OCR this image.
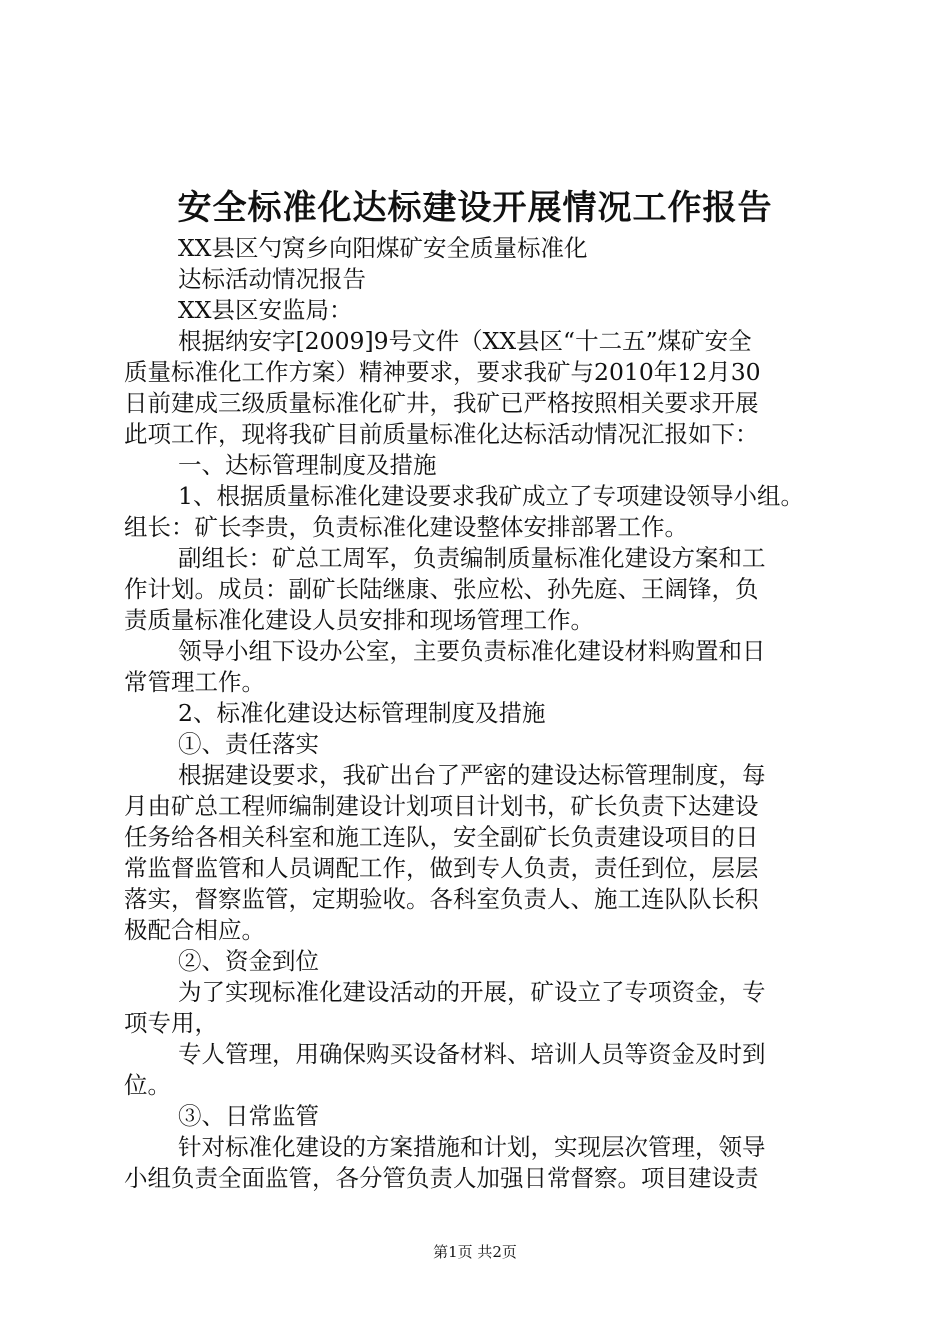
安全标准化达标建设开展情况工作报告
XX县区勺窝乡向阳煤矿安全质量标准化
达标活动情况报告
XX县区安监局：
根据纳安字[2009]9号文件（XX县区“十二五”煤矿安全
质量标准化工作方案）精神要求，要求我矿与2010年12月30
日前建成三级质量标准化矿井，我矿已严格按照相关要求开展
此项工作，现将我矿目前质量标准化达标活动情况汇报如下：
一、达标管理制度及措施
1、根据质量标准化建设要求我矿成立了专项建设领导小组。
组长：矿长李贵，负责标准化建设整体安排部署工作。
副组长：矿总工周军，负责编制质量标准化建设方案和工
作计划。成员：副矿长陆继康、张应松、孙先庭、王阔锋，负
责质量标准化建设人员安排和现场管理工作。
领导小组下设办公室，主要负责标准化建设材料购置和日
常管理工作。
2、标准化建设达标管理制度及措施
①、责任落实
根据建设要求，我矿出台了严密的建设达标管理制度，每
月由矿总工程师编制建设计划项目计划书，矿长负责下达建设
任务给各相关科室和施工连队，安全副矿长负责建设项目的日
常监督监管和人员调配工作，做到专人负责，责任到位，层层
落实，督察监管，定期验收。各科室负责人、施工连队队长积
极配合相应。
②、资金到位
为了实现标准化建设活动的开展，矿设立了专项资金，专
项专用，
专人管理，用确保购买设备材料、培训人员等资金及时到
位。
③、日常监管
针对标准化建设的方案措施和计划，实现层次管理，领导
小组负责全面监管，各分管负责人加强日常督察。项目建设责
第1页 共2页
